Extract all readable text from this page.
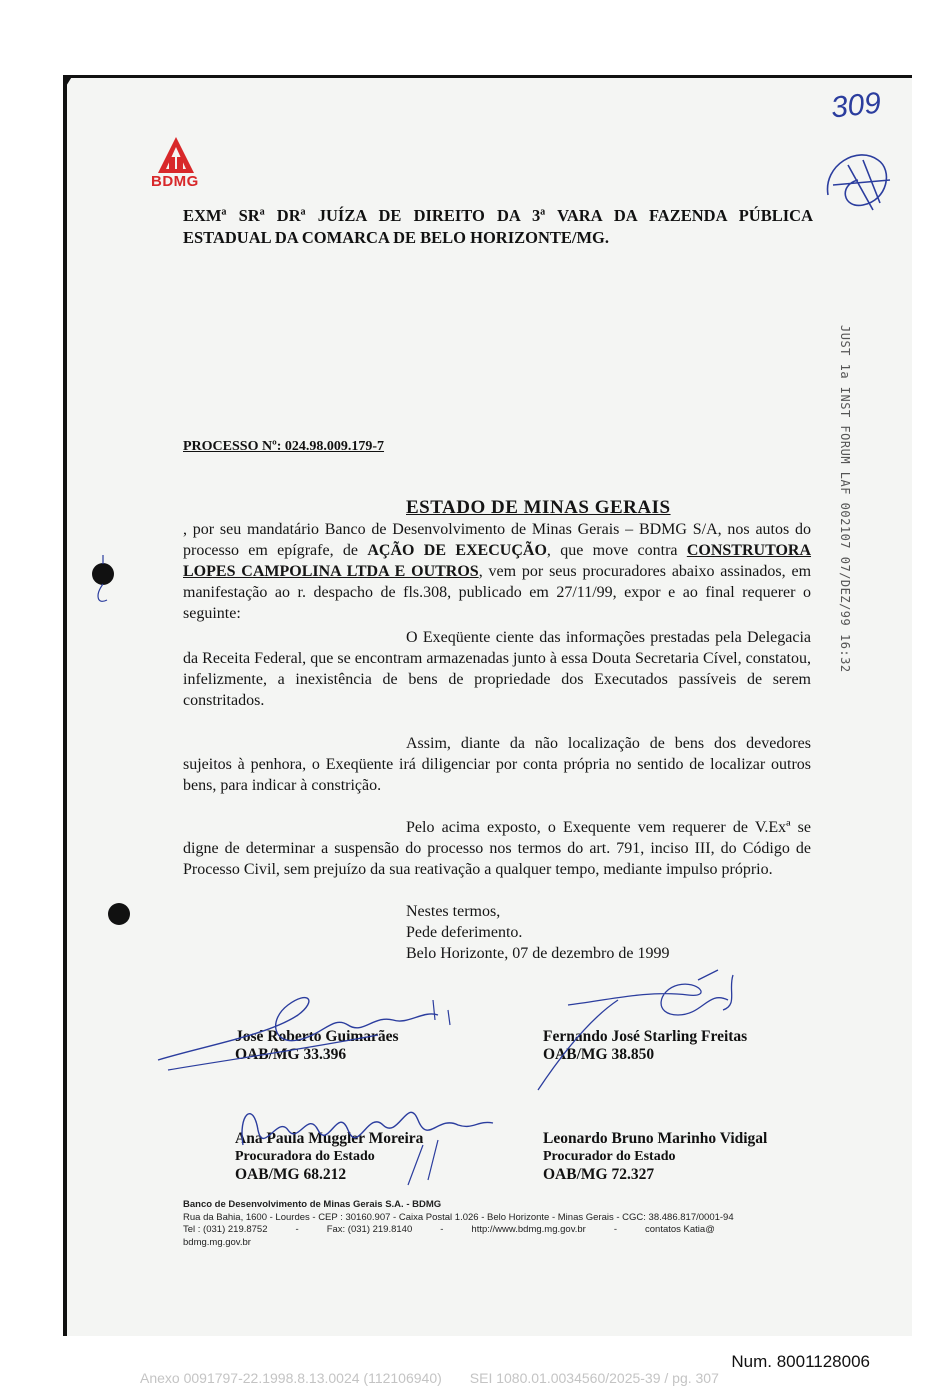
309
BDMG
EXMª SRª DRª JUÍZA DE DIREITO DA 3ª VARA DA FAZENDA PÚBLICA ESTADUAL DA COMARCA DE BELO HORIZONTE/MG.
JUST 1a INST FORUM LAF 002107 07/DEZ/99 16:32
PROCESSO Nº: 024.98.009.179-7
ESTADO DE MINAS GERAIS
, por seu mandatário Banco de Desenvolvimento de Minas Gerais – BDMG S/A, nos autos do processo em epígrafe, de AÇÃO DE EXECUÇÃO, que move contra CONSTRUTORA LOPES CAMPOLINA LTDA E OUTROS, vem por seus procuradores abaixo assinados, em manifestação ao r. despacho de fls.308, publicado em 27/11/99, expor e ao final requerer o seguinte:
O Exeqüente ciente das informações prestadas pela Delegacia da Receita Federal, que se encontram armazenadas junto à essa Douta Secretaria Cível, constatou, infelizmente, a inexistência de bens de propriedade dos Executados passíveis de serem constritados.
Assim, diante da não localização de bens dos devedores sujeitos à penhora, o Exeqüente irá diligenciar por conta própria no sentido de localizar outros bens, para indicar à constrição.
Pelo acima exposto, o Exequente vem requerer de V.Exª se digne de determinar a suspensão do processo nos termos do art. 791, inciso III, do Código de Processo Civil, sem prejuízo da sua reativação a qualquer tempo, mediante impulso próprio.
Nestes termos,
Pede deferimento.
Belo Horizonte, 07 de dezembro de 1999
José Roberto Guimarães
OAB/MG 33.396
Fernando José Starling Freitas
OAB/MG 38.850
Ana Paula Muggler Moreira
Procuradora do Estado
OAB/MG 68.212
Leonardo Bruno Marinho Vidigal
Procurador do Estado
OAB/MG 72.327
Banco de Desenvolvimento de Minas Gerais S.A. - BDMG
Rua da Bahia, 1600 - Lourdes - CEP : 30160.907 - Caixa Postal 1.026 - Belo Horizonte - Minas Gerais - CGC: 38.486.817/0001-94
Tel : (031) 219.8752	-	Fax: (031) 219.8140	-	http://www.bdmg.mg.gov.br	-	contatos Katia@ bdmg.mg.gov.br
Num. 8001128006
Anexo 0091797-22.1998.8.13.0024 (112106940) SEI 1080.01.0034560/2025-39 / pg. 307
